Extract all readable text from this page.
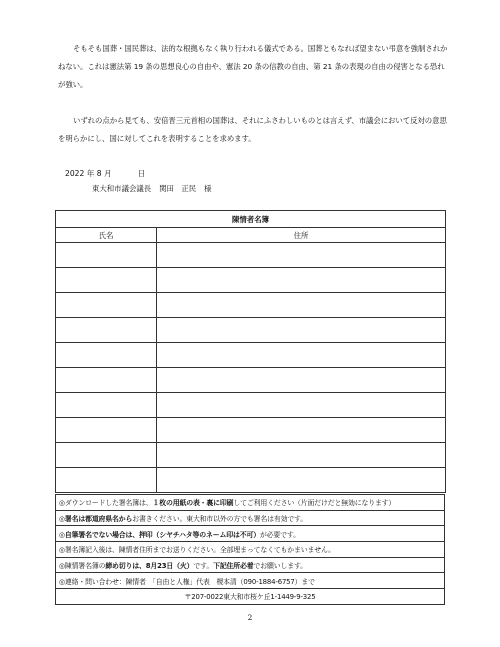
そもそも国葬・国民葬は、法的な根拠もなく執り行われる儀式である。国葬ともなれば望まない弔意を強制されかねない。これは憲法第 19 条の思想良心の自由や、憲法 20 条の信教の自由、第 21 条の表現の自由の侵害となる恐れが強い。

いずれの点から見ても、安倍晋三元首相の国葬は、それにふさわしいものとは言えず、市議会において反対の意思を明らかにし、国に対してこれを表明することを求めます。

2022 年 8 月	日
東大和市議会議長 関田　正民 様
陳情者名簿	
氏名	住所

◎ダウンロードした署名簿は、１枚の用紙の表・裏に印刷してご利用ください（片面だけだと無効になります）
◎署名は都道府県名からお書きください。東大和市以外の方でも署名は有効です。
◎自筆署名でない場合は、押印（シヤチハタ等のネーム印は不可）が必要です。
◎署名簿記入後は、陳情者住所までお送りください。全部埋まってなくてもかまいません。
◎陳情署名簿の締め切りは、8月23日（火）です。下記住所必着でお願いします。
◎連絡・問い合わせ：陳情者　「自由と人権」代表　榎本清（090-1884-6757）まで
〒207-0022東大和市桜ケ丘1-1449-9-325
2
